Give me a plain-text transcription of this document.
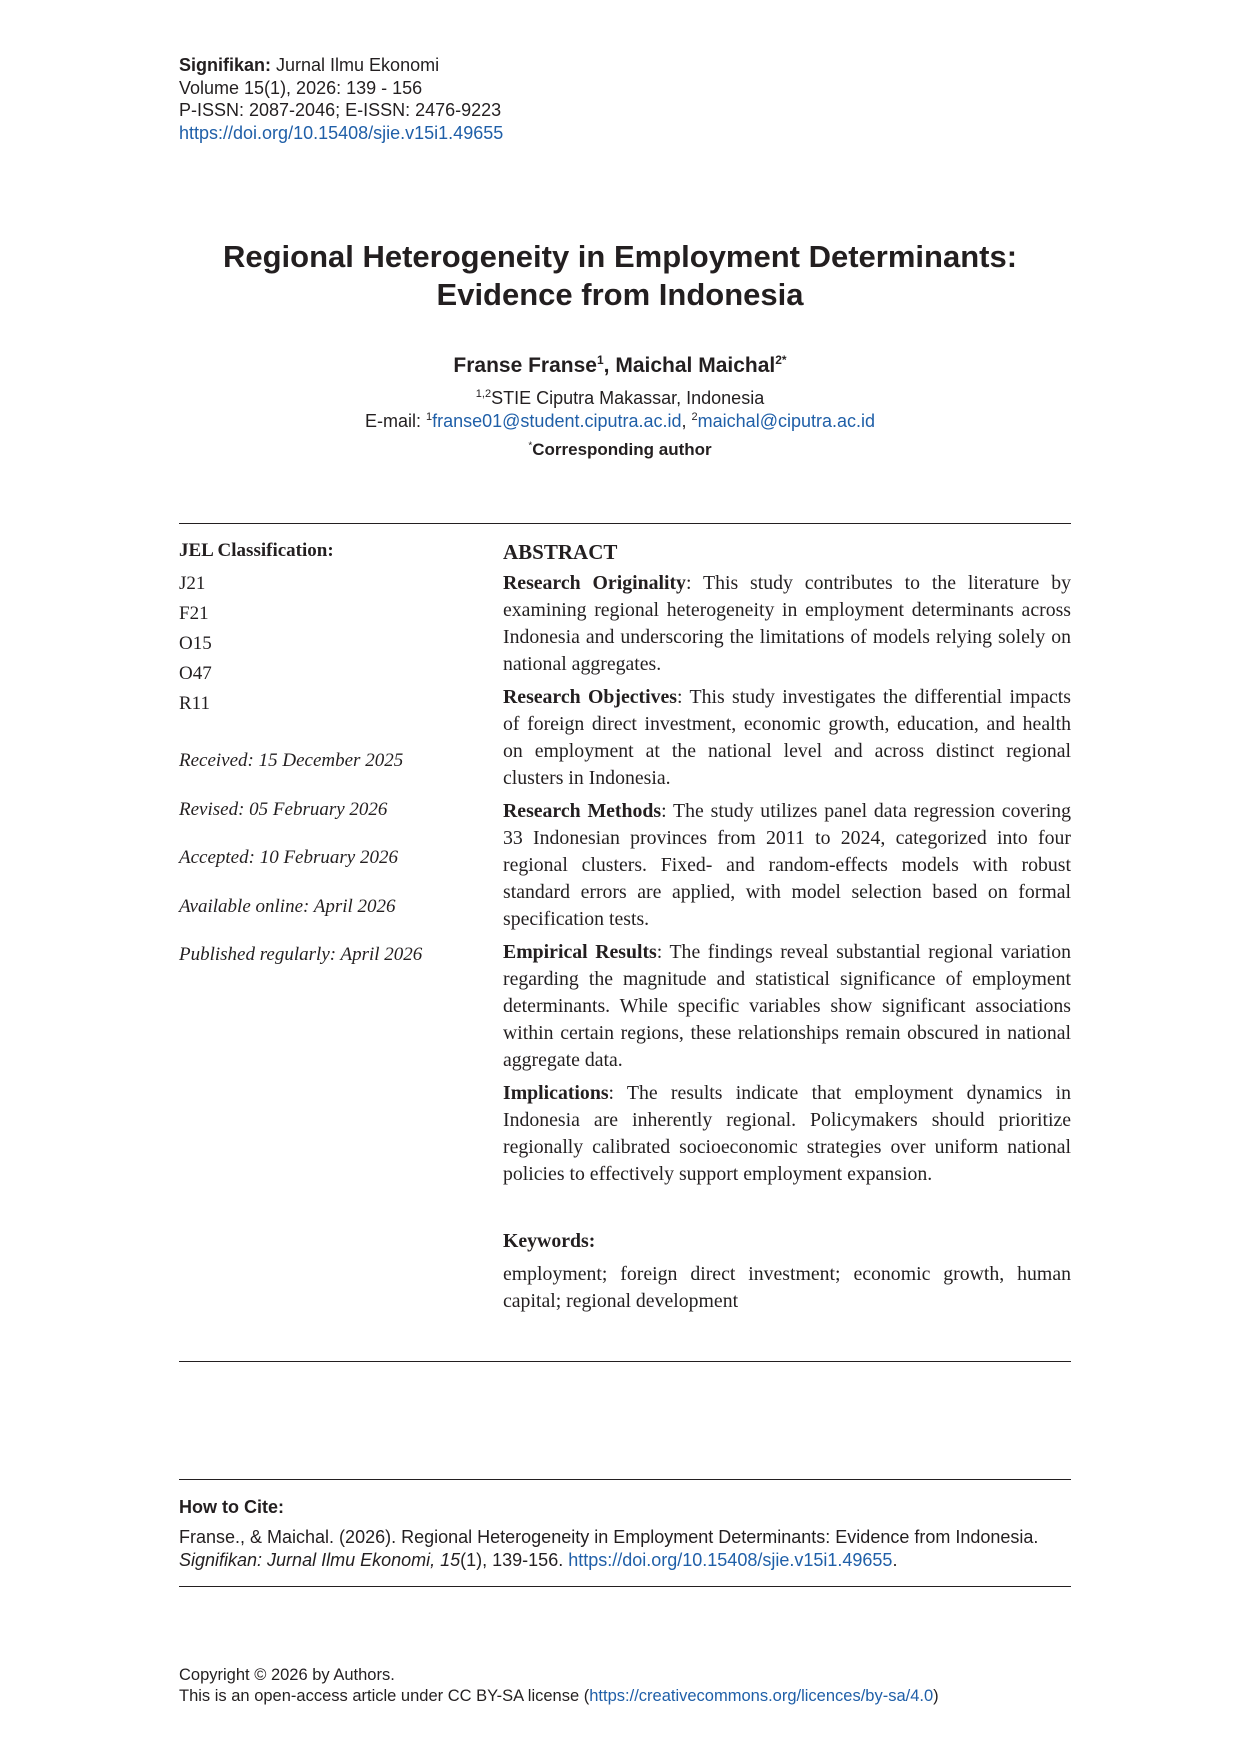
Signifikan: Jurnal Ilmu Ekonomi
Volume 15(1), 2026: 139 - 156
P-ISSN: 2087-2046; E-ISSN: 2476-9223
https://doi.org/10.15408/sjie.v15i1.49655
Regional Heterogeneity in Employment Determinants:
Evidence from Indonesia
Franse Franse$^1$, Maichal Maichal$^{2*}$
$^{1,2}$STIE Ciputra Makassar, Indonesia
E-mail: $^1$franse01@student.ciputra.ac.id, $^2$maichal@ciputra.ac.id
*Corresponding author
JEL Classification:
J21
F21
O15
O47
R11
Received: 15 December 2025
Revised: 05 February 2026
Accepted: 10 February 2026
Available online: April 2026
Published regularly: April 2026
ABSTRACT

Research Originality: This study contributes to the literature by examining regional heterogeneity in employment determinants across Indonesia and underscoring the limitations of models relying solely on national aggregates.

Research Objectives: This study investigates the differential impacts of foreign direct investment, economic growth, education, and health on employment at the national level and across distinct regional clusters in Indonesia.

Research Methods: The study utilizes panel data regression covering 33 Indonesian provinces from 2011 to 2024, categorized into four regional clusters. Fixed- and random-effects models with robust standard errors are applied, with model selection based on formal specification tests.

Empirical Results: The findings reveal substantial regional variation regarding the magnitude and statistical significance of employment determinants. While specific variables show significant associations within certain regions, these relationships remain obscured in national aggregate data.

Implications: The results indicate that employment dynamics in Indonesia are inherently regional. Policymakers should prioritize regionally calibrated socioeconomic strategies over uniform national policies to effectively support employment expansion.

Keywords:
employment; foreign direct investment; economic growth, human capital; regional development
How to Cite:
Franse., & Maichal. (2026). Regional Heterogeneity in Employment Determinants: Evidence from Indonesia. Signifikan: Jurnal Ilmu Ekonomi, 15(1), 139-156. https://doi.org/10.15408/sjie.v15i1.49655.
Copyright © 2026 by Authors.
This is an open-access article under CC BY-SA license (https://creativecommons.org/licences/by-sa/4.0)
